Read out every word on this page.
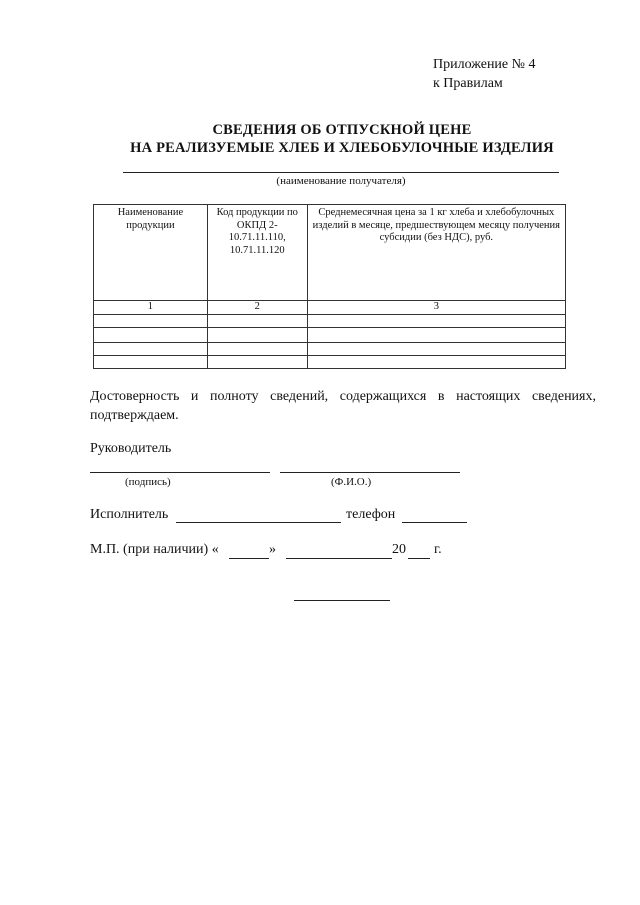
Приложение № 4
к Правилам
СВЕДЕНИЯ ОБ ОТПУСКНОЙ ЦЕНЕ
НА РЕАЛИЗУЕМЫЕ ХЛЕБ И ХЛЕБОБУЛОЧНЫЕ ИЗДЕЛИЯ
(наименование получателя)
Наименование продукции	Код продукции по ОКПД 2-10.71.11.110, 10.71.11.120	Среднемесячная цена за 1 кг хлеба и хлебобулочных изделий в месяце, предшествующем месяцу получения субсидии (без НДС), руб.
1	2	3

Достоверность и полноту сведений, содержащихся в настоящих сведениях, подтверждаем.
Руководитель
(подпись)	(Ф.И.О.)
Исполнитель	телефон
М.П. (при наличии) «	»	20 г.
